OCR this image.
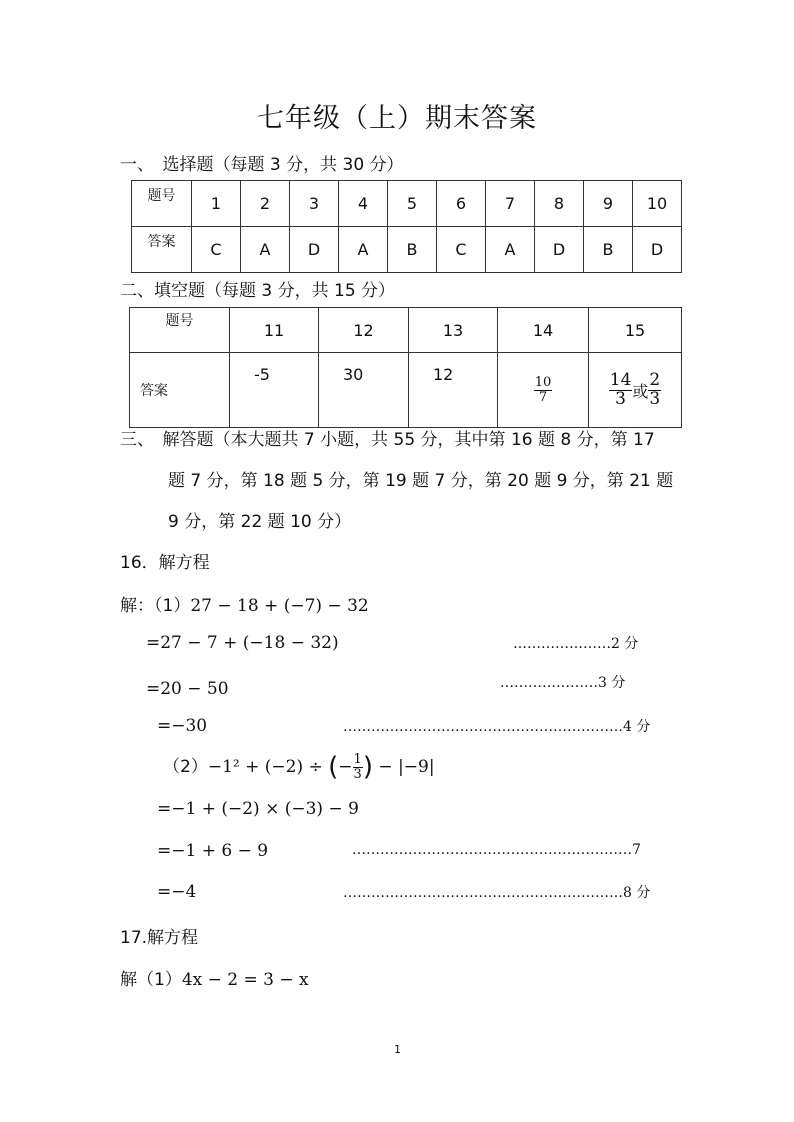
七年级（上）期末答案
一、　选择题（每题 3 分，共 30 分）
题号	1	2	3	4	5	6	7	8	9	10
答案	C	A	D	A	B	C	A	D	B	D
二、填空题（每题 3 分，共 15 分）
题号	11	12	13	14	15
答案	-5	30	12	$\frac{10}{7}$	$\frac{14}{3}$ 或 $\frac{2}{3}$
三、　解答题（本大题共 7 小题，共 55 分，其中第 16 题 8 分，第 17
题 7 分，第 18 题 5 分，第 19 题 7 分，第 20 题 9 分，第 21 题
9 分，第 22 题 10 分）
16．解方程
解：（1）27 − 18 + (−7) − 32
=27 − 7 + (−18 − 32)	…………………2 分
=20 − 50	…………………3 分
=−30	……………………………………………………4 分
（2）−1² + (−2) ÷ (− $\frac{1}{3}$ ) − |−9|
=−1 + (−2) × (−3) − 9
=−1 + 6 − 9	……………………………………………………7
=−4	……………………………………………………8 分
17.解方程
解（1）4x − 2 = 3 − x
1
